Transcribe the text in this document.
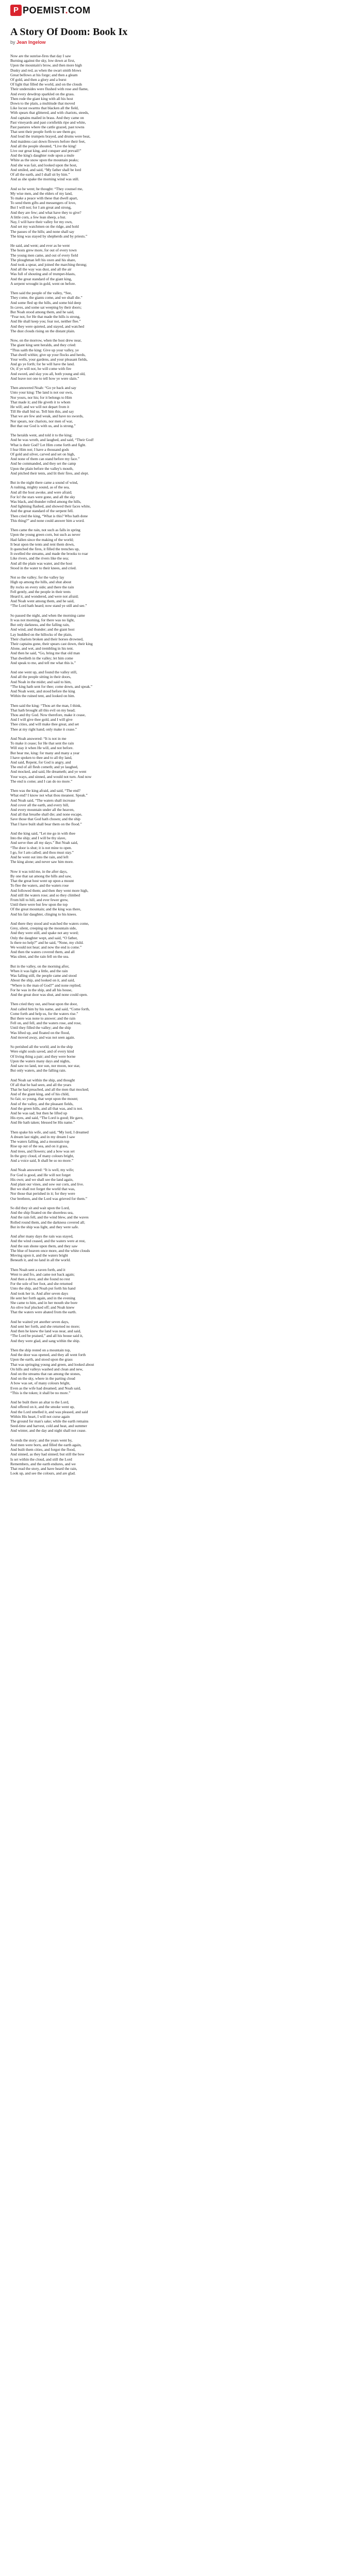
P POEMIST.COM
A Story Of Doom: Book Ix
by Jean Ingelow
Now are the sunrise-fires that day I saw
Burning against the sky, low down at first,
Upon the mountain's brow, and then more high
Dusky and red, as when the swart smith blows
Great bellows at his forge; and then a gleam
Of gold, and then a glory and a burst
Of light that filled the world, and on the clouds
Their undersides were flushed with rose and flame,
And every dewdrop sparkled on the grass.
Then rode the giant king with all his host
Down to the plain, a multitude that moved
Like locust swarms that blacken all the field,
With spears that glittered, and with chariots, steeds,
And captains mailed in brass. And they came on
Past vineyards and past cornfields ripe and white,
Past pastures where the cattle grazed, past towns
That sent their people forth to see them go;
And loud the trumpets brayed, and drums were beat,
And maidens cast down flowers before their feet,
And all the people shouted, “Live the king!
Live our great king, and conquer and prevail!”
And the king's daughter rode upon a mule
White as the snow upon the mountain peaks;
And she was fair, and looked upon the host,
And smiled, and said, “My father shall be lord
Of all the earth, and I shall sit by him.”
And as she spake the morning wind was still.
And so he went; he thought: “They counsel me,
My wise men, and the elders of my land,
To make a peace with these that dwell apart,
To send them gifts and messengers of love,
But I will not; for I am great and strong,
And they are few; and what have they to give?
A little corn, a few lean sheep, a hut.
Nay, I will have their valley for my own,
And set my watchmen on the ridge, and hold
The passes of the hills; and none shall say
The king was stayed by shepherds and by priests.”
He said, and went; and ever as he went
The hosts grew more, for out of every town
The young men came, and out of every field
The ploughman left his oxen and his share,
And took a spear, and joined the marching throng;
And all the way was dust, and all the air
Was full of shouting and of trumpet-blasts,
And the great standard of the giant king,
A serpent wrought in gold, went on before.
Then said the people of the valley, “See,
They come, the giants come, and we shall die.”
And some fled up the hills, and some hid deep
In caves, and some sat weeping by their doors;
But Noah stood among them, and he said,
“Fear not, for He that made the hills is strong,
And He shall keep you; fear not, neither flee.”
And they were quieted, and stayed, and watched
The dust clouds rising on the distant plain.
Now, on the morrow, when the host drew near,
The giant king sent heralds, and they cried:
“Thus saith the king: Give up your valley, ye
That dwell within; give up your flocks and herds,
Your wells, your gardens, and your pleasant fields,
And go ye forth; for he will have the land.
Or, if ye will not, he will come with fire
And sword, and slay you all, both young and old,
And leave not one to tell how ye were slain.”
Then answered Noah: “Go ye back and say
Unto your king: The land is not our own,
Nor yours, nor his; for it belongs to Him
That made it; and He giveth it to whom
He will; and we will not depart from it
Till He shall bid us. Tell him this, and say
That we are few and weak, and have no swords,
Nor spears, nor chariots, nor men of war,
But that our God is with us, and is strong.”
The heralds went, and told it to the king;
And he was wroth, and laughed, and said, “Their God!
What is their God? Let Him come forth and fight.
I fear Him not; I have a thousand gods
Of gold and silver, carved and set on high,
And none of them can stand before my face.”
And he commanded, and they set the camp
Upon the plain before the valley's mouth,
And pitched their tents, and lit their fires, and slept.
But in the night there came a sound of wind,
A rushing, mighty sound, as of the sea,
And all the host awoke, and were afraid;
For lo! the stars were gone, and all the sky
Was black, and thunder rolled among the hills,
And lightning flashed, and showed their faces white,
And the great standard of the serpent fell.
Then cried the king, “What is this? Who hath done
This thing?” and none could answer him a word.
Then came the rain, not such as falls in spring
Upon the young green corn, but such as never
Had fallen since the making of the world;
It beat upon the tents and rent them down,
It quenched the fires, it filled the trenches up,
It swelled the streams, and made the brooks to roar
Like rivers, and the rivers like the sea;
And all the plain was water, and the host
Stood in the water to their knees, and cried.
Not so the valley; for the valley lay
High up among the hills, and shut about
By rocks on every side; and there the rain
Fell gently, and the people in their tents
Heard it, and wondered, and were not afraid;
And Noah went among them, and he said,
“The Lord hath heard; now stand ye still and see.”
So passed the night, and when the morning came
It was not morning, for there was no light,
But only darkness, and the falling rain,
And wind, and thunder; and the giant host
Lay huddled on the hillocks of the plain,
Their chariots broken and their horses drowned,
Their captains gone, their spears cast down, their king
Alone, and wet, and trembling in his tent.
And then he said, “Go, bring me that old man
That dwelleth in the valley; let him come
And speak to me, and tell me what this is.”
And one went up, and found the valley still,
And all the people sitting in their doors,
And Noah in the midst; and said to him,
“The king hath sent for thee; come down, and speak.”
And Noah went, and stood before the king
Within the ruined tent, and looked on him.
Then said the king: “Thou art the man, I think,
That hath brought all this evil on my head;
Thou and thy God. Now therefore, make it cease,
And I will give thee gold, and I will give
Thee cities, and will make thee great, and set
Thee at my right hand; only make it cease.”
And Noah answered: “It is not in me
To make it cease; for He that sent the rain
Will stay it when He will, and not before.
But hear me, king: for many and many a year
I have spoken to thee and to all thy land,
And said, Repent, for God is angry, and
The end of all flesh cometh; and ye laughed,
And mocked, and said, He dreameth; and ye went
Your ways, and sinned, and would not turn. And now
The end is come; and I can do no more.”
Then was the king afraid, and said, “The end?
What end? I know not what thou meanest. Speak.”
And Noah said, “The waters shall increase
And cover all the earth, and every hill,
And every mountain under all the heaven,
And all that breathe shall die; and none escape,
Save those that God hath chosen; and the ship
That I have built shall bear them on the flood.”
And the king said, “Let me go in with thee
Into the ship; and I will be thy slave,
And serve thee all my days.” But Noah said,
“The door is shut; it is not mine to open.
I go, for I am called; and thou must stay.”
And he went out into the rain, and left
The king alone; and never saw him more.
Now it was told me, in the after days,
By one that sat among the hills and saw,
That the great host went up upon a mount
To flee the waters, and the waters rose
And followed them; and then they went more high,
And still the waters rose; and so they climbed
From hill to hill, and ever fewer grew,
Until there were but few upon the top
Of the great mountain; and the king was there,
And his fair daughter, clinging to his knees.
And there they stood and watched the waters come,
Grey, silent, creeping up the mountain side,
And they were still, and spake not any word;
Only the daughter wept, and said, “O father,
Is there no help?” and he said, “None, my child.
We would not hear; and now the end is come.”
And then the waters covered them, and all
Was silent, and the rain fell on the sea.
But in the valley, on the morning after,
When it was light a little, and the rain
Was falling still, the people came and stood
About the ship, and looked on it, and said,
“Where is the man of God?” and none replied;
For he was in the ship, and all his house,
And the great door was shut, and none could open.
Then cried they out, and beat upon the door,
And called him by his name, and said, “Come forth,
Come forth and help us, for the waters rise.”
But there was none to answer; and the rain
Fell on, and fell, and the waters rose, and rose,
Until they filled the valley; and the ship
Was lifted up, and floated on the flood,
And moved away, and was not seen again.
So perished all the world; and in the ship
Were eight souls saved, and of every kind
Of living thing a pair; and they were borne
Upon the waters many days and nights,
And saw no land, nor sun, nor moon, nor star,
But only waters, and the falling rain.
And Noah sat within the ship, and thought
Of all that he had seen, and all the years
That he had preached, and all the men that mocked;
And of the giant king, and of his child,
So fair, so young, that wept upon the mount;
And of the valley, and the pleasant fields,
And the green hills, and all that was, and is not.
And he was sad; but then he lifted up
His eyes, and said, “The Lord is good; He gave,
And He hath taken; blessed be His name.”
Then spake his wife, and said, “My lord, I dreamed
A dream last night, and in my dream I saw
The waters falling, and a mountain top
Rise up out of the sea, and on it grass,
And trees, and flowers; and a bow was set
In the grey cloud, of many colours bright,
And a voice said, It shall be so no more.”
And Noah answered: “It is well, my wife;
For God is good, and He will not forget
His own; and we shall see the land again,
And plant our vines, and sow our corn, and live.
But we shall not forget the world that was,
Nor those that perished in it; for they were
Our brethren, and the Lord was grieved for them.”
So did they sit and wait upon the Lord,
And the ship floated on the shoreless sea,
And the rain fell, and the wind blew, and the waves
Rolled round them, and the darkness covered all;
But in the ship was light, and they were safe.
And after many days the rain was stayed,
And the wind ceased, and the waters were at rest,
And the sun shone upon them, and they saw
The blue of heaven once more, and the white clouds
Moving upon it, and the waters bright
Beneath it, and no land in all the world.
Then Noah sent a raven forth, and it
Went to and fro, and came not back again;
And then a dove, and she found no rest
For the sole of her foot, and she returned
Unto the ship, and Noah put forth his hand
And took her in. And after seven days
He sent her forth again, and in the evening
She came to him, and in her mouth she bore
An olive leaf plucked off; and Noah knew
That the waters were abated from the earth.
And he waited yet another seven days,
And sent her forth, and she returned no more;
And then he knew the land was near, and said,
“The Lord be praised,” and all his house said it,
And they were glad, and sang within the ship.
Then the ship rested on a mountain top,
And the door was opened, and they all went forth
Upon the earth, and stood upon the grass
That was springing young and green, and looked about
On hills and valleys washed and clean and new,
And on the streams that ran among the stones,
And on the sky, where in the parting cloud
A bow was set, of many colours bright,
Even as the wife had dreamed; and Noah said,
“This is the token; it shall be no more.”
And he built there an altar to the Lord,
And offered on it, and the smoke went up,
And the Lord smelled it, and was pleased, and said
Within His heart, I will not curse again
The ground for man's sake; while the earth remains
Seed-time and harvest, cold and heat, and summer
And winter, and the day and night shall not cease.
So ends the story; and the years went by,
And men were born, and filled the earth again,
And built them cities, and forgot the flood,
And sinned, as they had sinned; but still the bow
Is set within the cloud, and still the Lord
Remembers, and the earth endures, and we
That read the story, and have heard the rain,
Look up, and see the colours, and are glad.
